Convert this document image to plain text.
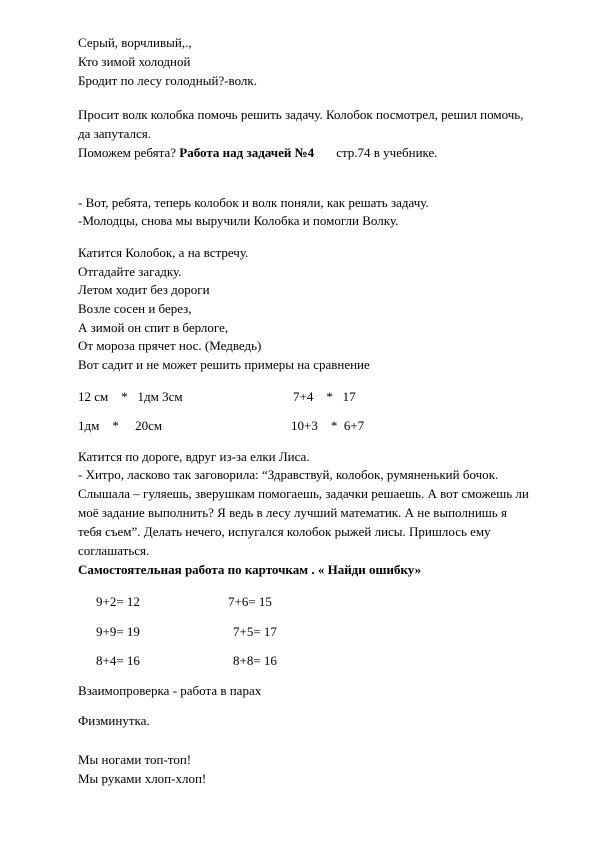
Серый, ворчливый,.,
Кто зимой холодной
Бродит по лесу голодный?-волк.
Просит волк колобка помочь решить задачу. Колобок посмотрел, решил помочь,
да запутался.
Поможем ребята? Работа над задачей №4 стр.74 в учебнике.
- Вот, ребята, теперь колобок и волк поняли, как решать задачу.
-Молодцы, снова мы выручили Колобка и помогли Волку.
Катится Колобок, а на встречу.
Отгадайте загадку.
Летом ходит без дороги
Возле сосен и берез,
А зимой он спит в берлоге,
От мороза прячет нос. (Медведь)
Вот садит и не может решить примеры на сравнение
12 см    *   1дм 3см	7+4    *   17
1дм    *     20см	10+3    *  6+7
Катится по дороге, вдруг из-за елки Лиса.
- Хитро, ласково так заговорила: “Здравствуй, колобок, румяненький бочок.
Слышала – гуляешь, зверушкам помогаешь, задачки решаешь. А вот сможешь ли
моё задание выполнить? Я ведь в лесу лучший математик. А не выполнишь я
тебя съем”. Делать нечего, испугался колобок рыжей лисы. Пришлось ему
соглашаться.
Самостоятельная работа по карточкам . « Найди ошибку»
9+2= 12	7+6= 15
9+9= 19	7+5= 17
8+4= 16	8+8= 16
Взаимопроверка - работа в парах
Физминутка.
Мы ногами топ-топ!
Мы руками хлоп-хлоп!
